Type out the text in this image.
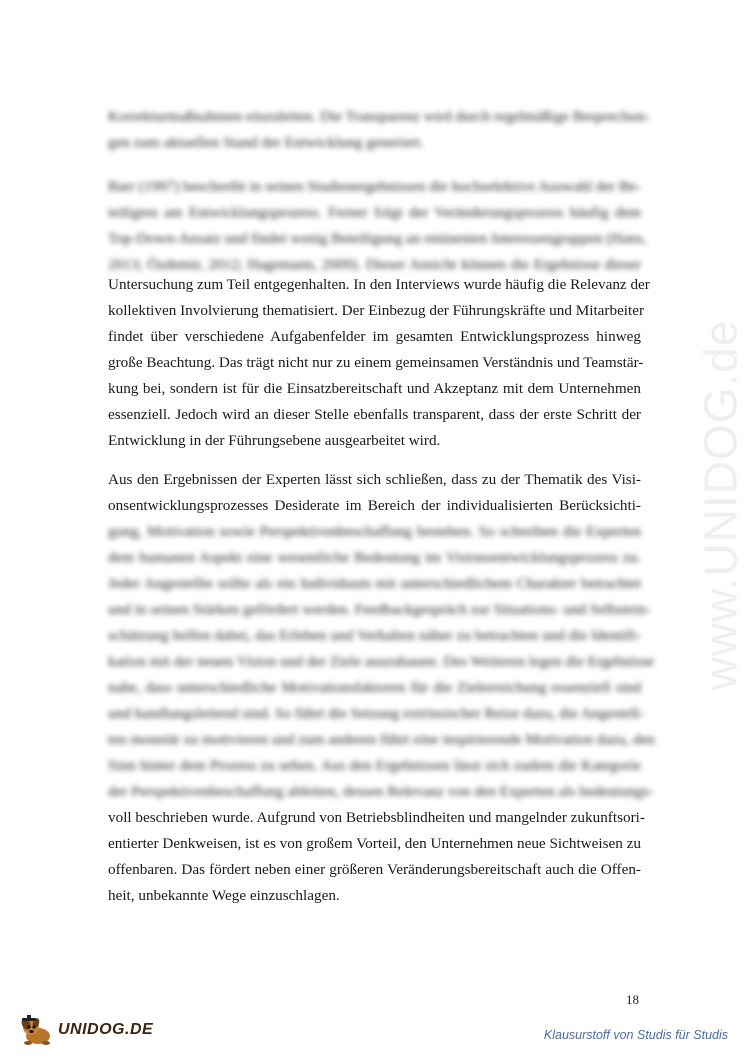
Korrekturmaßnahmen einzuleiten. Die Transparenz wird durch regelmäßige Besprechun-
gen zum aktuellen Stand der Entwicklung generiert.
Barr (1997) beschreibt in seinen Studienergebnissen die hochselektive Auswahl der Be-
teiligten am Entwicklungsprozess. Ferner folgt der Veränderungsprozess häufig dem
Top-Down-Ansatz und findet wenig Beteiligung an eminenten Interessengruppen (Hans,
2013; Özdemir, 2012; Hagemann, 2009). Dieser Ansicht können die Ergebnisse dieser
Untersuchung zum Teil entgegenhalten. In den Interviews wurde häufig die Relevanz der
kollektiven Involvierung thematisiert. Der Einbezug der Führungskräfte und Mitarbeiter
findet über verschiedene Aufgabenfelder im gesamten Entwicklungsprozess hinweg
große Beachtung. Das trägt nicht nur zu einem gemeinsamen Verständnis und Teamstär-
kung bei, sondern ist für die Einsatzbereitschaft und Akzeptanz mit dem Unternehmen
essenziell. Jedoch wird an dieser Stelle ebenfalls transparent, dass der erste Schritt der
Entwicklung in der Führungsebene ausgearbeitet wird.
Aus den Ergebnissen der Experten lässt sich schließen, dass zu der Thematik des Visi-
onsentwicklungsprozesses Desiderate im Bereich der individualisierten Berücksichti-
gung, Motivation sowie Perspektivenbeschaffung bestehen. So schreiben die Experten
dem humanen Aspekt eine wesentliche Bedeutung im Visionsentwicklungsprozess zu.
Jeder Angestellte sollte als ein Individuum mit unterschiedlichem Charakter betrachtet
und in seinen Stärken gefördert werden. Feedbackgespräch zur Situations- und Selbstein-
schätzung helfen dabei, das Erleben und Verhalten näher zu betrachten und die Identifi-
kation mit der neuen Vision und der Ziele auszubauen. Des Weiteren legen die Ergebnisse
nahe, dass unterschiedliche Motivationsfaktoren für die Zielerreichung essenziell sind
und handlungsleitend sind. So führt die Setzung extrinsischer Reize dazu, die Angestell-
ten monetär zu motivieren und zum anderen führt eine inspirierende Motivation dazu, den
Sinn hinter dem Prozess zu sehen. Aus den Ergebnissen lässt sich zudem die Kategorie
der Perspektivenbeschaffung ableiten, dessen Relevanz von den Experten als bedeutungs-
voll beschrieben wurde. Aufgrund von Betriebsblindheiten und mangelnder zukunftsori-
entierter Denkweisen, ist es von großem Vorteil, den Unternehmen neue Sichtweisen zu
offenbaren. Das fördert neben einer größeren Veränderungsbereitschaft auch die Offen-
heit, unbekannte Wege einzuschlagen.
www.UNIDOG.de
18
UNIDOG.DE	Klausurstoff von Studis für Studis
